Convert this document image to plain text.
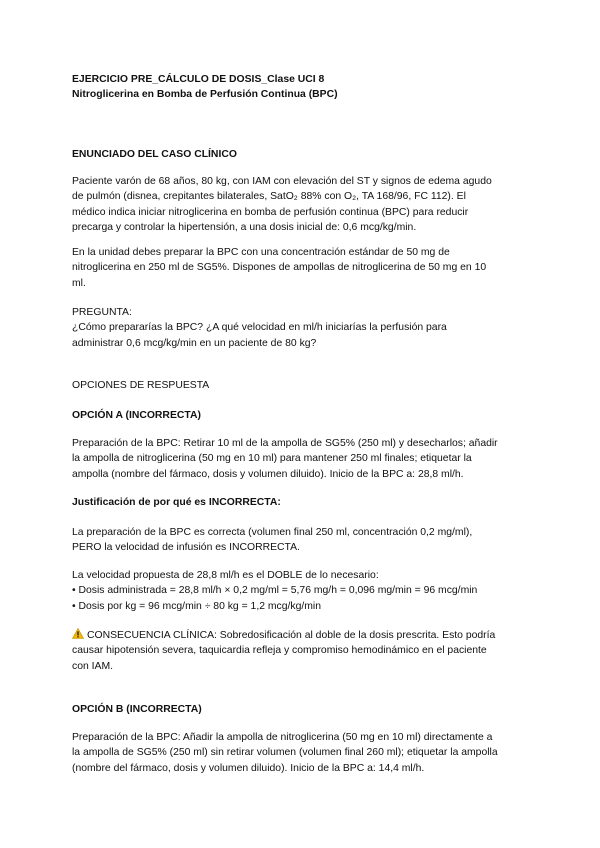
EJERCICIO PRE_CÁLCULO DE DOSIS_Clase UCI 8
Nitroglicerina en Bomba de Perfusión Continua (BPC)
ENUNCIADO DEL CASO CLÍNICO
Paciente varón de 68 años, 80 kg, con IAM con elevación del ST y signos de edema agudo
de pulmón (disnea, crepitantes bilaterales, SatO₂ 88% con O₂, TA 168/96, FC 112). El
médico indica iniciar nitroglicerina en bomba de perfusión continua (BPC) para reducir
precarga y controlar la hipertensión, a una dosis inicial de: 0,6 mcg/kg/min.
En la unidad debes preparar la BPC con una concentración estándar de 50 mg de
nitroglicerina en 250 ml de SG5%. Dispones de ampollas de nitroglicerina de 50 mg en 10
ml.
PREGUNTA:
¿Cómo prepararías la BPC? ¿A qué velocidad en ml/h iniciarías la perfusión para
administrar 0,6 mcg/kg/min en un paciente de 80 kg?
OPCIONES DE RESPUESTA
OPCIÓN A (INCORRECTA)
Preparación de la BPC: Retirar 10 ml de la ampolla de SG5% (250 ml) y desecharlos; añadir
la ampolla de nitroglicerina (50 mg en 10 ml) para mantener 250 ml finales; etiquetar la
ampolla (nombre del fármaco, dosis y volumen diluido). Inicio de la BPC a: 28,8 ml/h.
Justificación de por qué es INCORRECTA:
La preparación de la BPC es correcta (volumen final 250 ml, concentración 0,2 mg/ml),
PERO la velocidad de infusión es INCORRECTA.
La velocidad propuesta de 28,8 ml/h es el DOBLE de lo necesario:
• Dosis administrada = 28,8 ml/h × 0,2 mg/ml = 5,76 mg/h = 0,096 mg/min = 96 mcg/min
• Dosis por kg = 96 mcg/min ÷ 80 kg = 1,2 mcg/kg/min
CONSECUENCIA CLÍNICA: Sobredosificación al doble de la dosis prescrita. Esto podría
causar hipotensión severa, taquicardia refleja y compromiso hemodinámico en el paciente
con IAM.
OPCIÓN B (INCORRECTA)
Preparación de la BPC: Añadir la ampolla de nitroglicerina (50 mg en 10 ml) directamente a
la ampolla de SG5% (250 ml) sin retirar volumen (volumen final 260 ml); etiquetar la ampolla
(nombre del fármaco, dosis y volumen diluido). Inicio de la BPC a: 14,4 ml/h.
